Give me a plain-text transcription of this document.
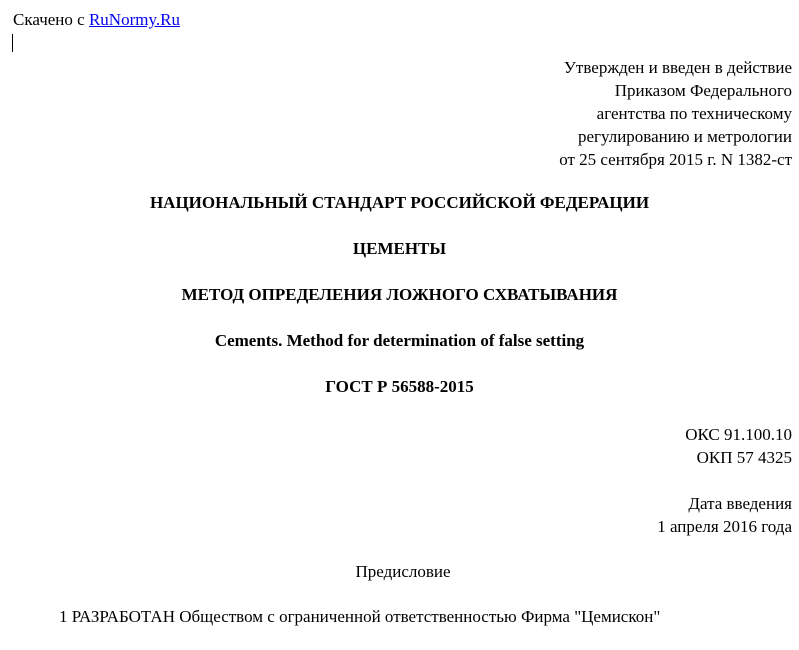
Скачено с RuNormy.Ru
Утвержден и введен в действие
Приказом Федерального
агентства по техническому
регулированию и метрологии
от 25 сентября 2015 г. N 1382-ст
НАЦИОНАЛЬНЫЙ СТАНДАРТ РОССИЙСКОЙ ФЕДЕРАЦИИ
ЦЕМЕНТЫ
МЕТОД ОПРЕДЕЛЕНИЯ ЛОЖНОГО СХВАТЫВАНИЯ
Cements. Method for determination of false setting
ГОСТ Р 56588-2015
ОКС 91.100.10
ОКП 57 4325
Дата введения
1 апреля 2016 года
Предисловие
1 РАЗРАБОТАН Обществом с ограниченной ответственностью Фирма "Цемискон"
